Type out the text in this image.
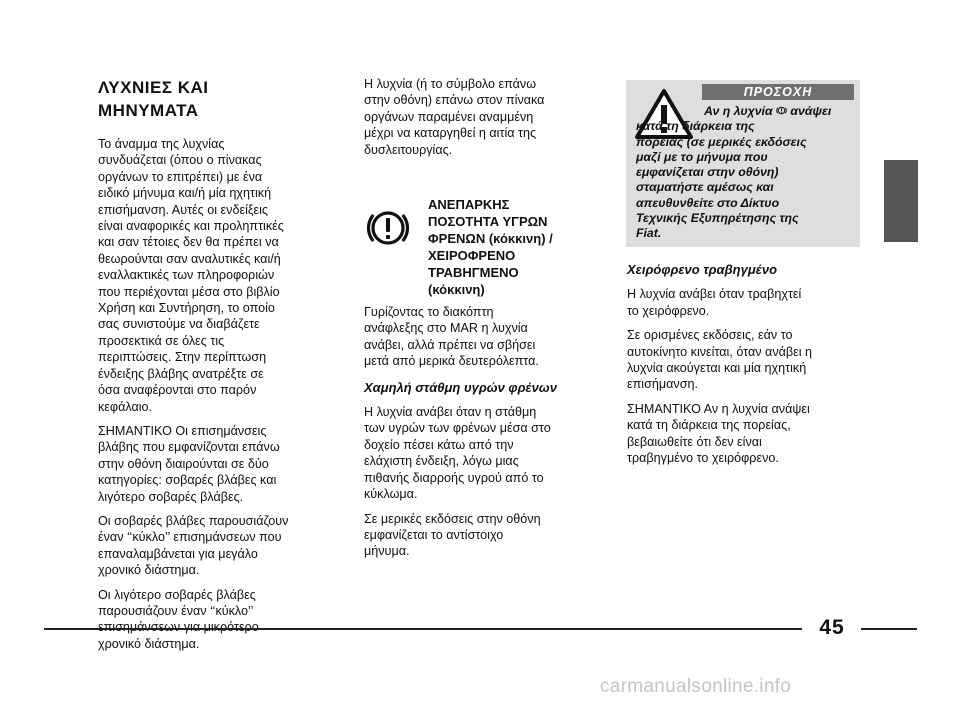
ΛΥΧΝΙΕΣ ΚΑΙ
ΜΗΝΥΜΑΤΑ

Το άναμμα της λυχνίας
συνδυάζεται (όπου ο πίνακας
οργάνων το επιτρέπει) με ένα
ειδικό μήνυμα και/ή μία ηχητική
επισήμανση. Αυτές οι ενδείξεις
είναι αναφορικές και προληπτικές
και σαν τέτοιες δεν θα πρέπει να
θεωρούνται σαν αναλυτικές και/ή
εναλλακτικές των πληροφοριών
που περιέχονται μέσα στο βιβλίο
Χρήση και Συντήρηση, το οποίο
σας συνιστούμε να διαβάζετε
προσεκτικά σε όλες τις
περιπτώσεις. Στην περίπτωση
ένδειξης βλάβης ανατρέξτε σε
όσα αναφέρονται στο παρόν
κεφάλαιο.

ΣΗΜΑΝΤΙΚΟ Οι επισημάνσεις
βλάβης που εμφανίζονται επάνω
στην οθόνη διαιρούνται σε δύο
κατηγορίες: σοβαρές βλάβες και
λιγότερο σοβαρές βλάβες.

Οι σοβαρές βλάβες παρουσιάζουν
έναν ‘‘κύκλο’’ επισημάνσεων που
επαναλαμβάνεται για μεγάλο
χρονικό διάστημα.

Οι λιγότερο σοβαρές βλάβες
παρουσιάζουν έναν ‘‘κύκλο’’

χρονικό διάστημα.

Η λυχνία (ή το σύμβολο επάνω
στην οθόνη) επάνω στον πίνακα
οργάνων παραμένει αναμμένη
μέχρι να καταργηθεί η αιτία της
δυσλειτουργίας.

ΑΝΕΠΑΡΚΗΣ
ΠΟΣΟΤΗΤΑ ΥΓΡΩΝ
ΦΡΕΝΩΝ (κόκκινη) /
ΧΕΙΡΟΦΡΕΝΟ
ΤΡΑΒΗΓΜΕΝΟ
(κόκκινη)

Γυρίζοντας το διακόπτη
ανάφλεξης στο MAR η λυχνία
ανάβει, αλλά πρέπει να σβήσει
μετά από μερικά δευτερόλεπτα.

Χαμηλή στάθμη υγρών φρένων

Η λυχνία ανάβει όταν η στάθμη
των υγρών των φρένων μέσα στο
δοχείο πέσει κάτω από την
ελάχιστη ένδειξη, λόγω μιας
πιθανής διαρροής υγρού από το
κύκλωμα.

Σε μερικές εκδόσεις στην οθόνη
εμφανίζεται το αντίστοιχο
μήνυμα.

ΠΡΟΣΟΧΗ
Αν η λυχνία  ανάψει
κατά τη διάρκεια της
πορείας (σε μερικές εκδόσεις
μαζί με το μήνυμα που
εμφανίζεται στην οθόνη)
σταματήστε αμέσως και
απευθυνθείτε στο Δίκτυο
Τεχνικής Εξυπηρέτησης της
Fiat.
Χειρόφρενο τραβηγμένο

Η λυχνία ανάβει όταν τραβηχτεί
το χειρόφρενο.

Σε ορισμένες εκδόσεις, εάν το
αυτοκίνητο κινείται, όταν ανάβει η
λυχνία ακούγεται και μία ηχητική
επισήμανση.

ΣΗΜΑΝΤΙΚΟ Αν η λυχνία ανάψει
κατά τη διάρκεια της πορείας,
βεβαιωθείτε ότι δεν είναι
τραβηγμένο το χειρόφρενο.

45
carmanualsonline.info
